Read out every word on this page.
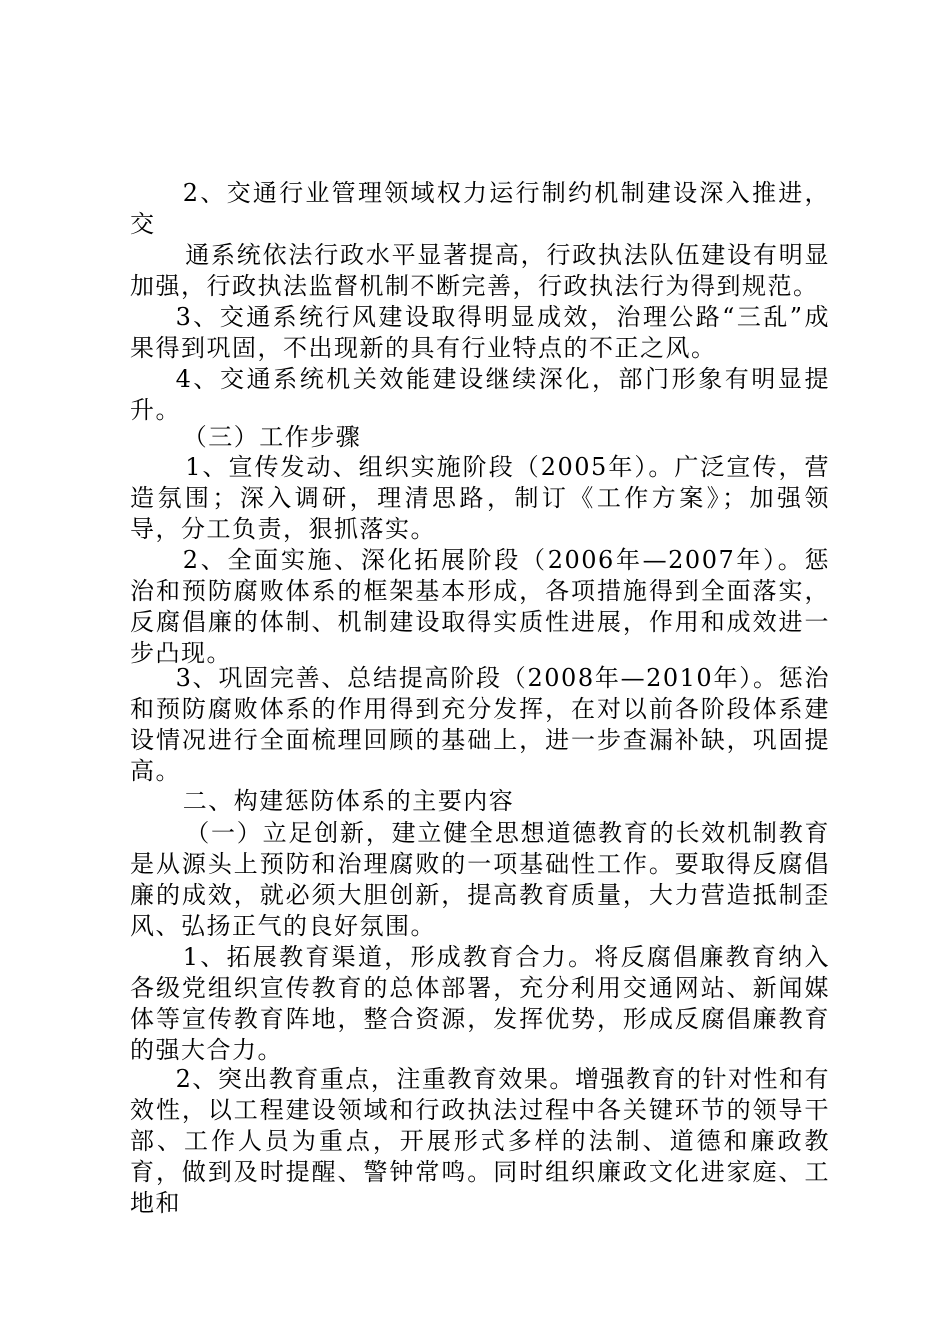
2、交通行业管理领域权力运行制约机制建设深入推进，交

通系统依法行政水平显著提高，行政执法队伍建设有明显加强，行政执法监督机制不断完善，行政执法行为得到规范。

3、交通系统行风建设取得明显成效，治理公路“三乱”成果得到巩固，不出现新的具有行业特点的不正之风。

4、交通系统机关效能建设继续深化，部门形象有明显提升。

（三）工作步骤

1、宣传发动、组织实施阶段（2005年）。广泛宣传，营造氛围；深入调研，理清思路，制订《工作方案》；加强领导，分工负责，狠抓落实。

2、全面实施、深化拓展阶段（2006年—2007年）。惩治和预防腐败体系的框架基本形成，各项措施得到全面落实，反腐倡廉的体制、机制建设取得实质性进展，作用和成效进一步凸现。

3、巩固完善、总结提高阶段（2008年—2010年）。惩治和预防腐败体系的作用得到充分发挥，在对以前各阶段体系建设情况进行全面梳理回顾的基础上，进一步查漏补缺，巩固提高。

二、构建惩防体系的主要内容

（一）立足创新，建立健全思想道德教育的长效机制教育是从源头上预防和治理腐败的一项基础性工作。要取得反腐倡廉的成效，就必须大胆创新，提高教育质量，大力营造抵制歪风、弘扬正气的良好氛围。

1、拓展教育渠道，形成教育合力。将反腐倡廉教育纳入各级党组织宣传教育的总体部署，充分利用交通网站、新闻媒体等宣传教育阵地，整合资源，发挥优势，形成反腐倡廉教育的强大合力。

2、突出教育重点，注重教育效果。增强教育的针对性和有效性，以工程建设领域和行政执法过程中各关键环节的领导干部、工作人员为重点，开展形式多样的法制、道德和廉政教育，做到及时提醒、警钟常鸣。同时组织廉政文化进家庭、工地和
